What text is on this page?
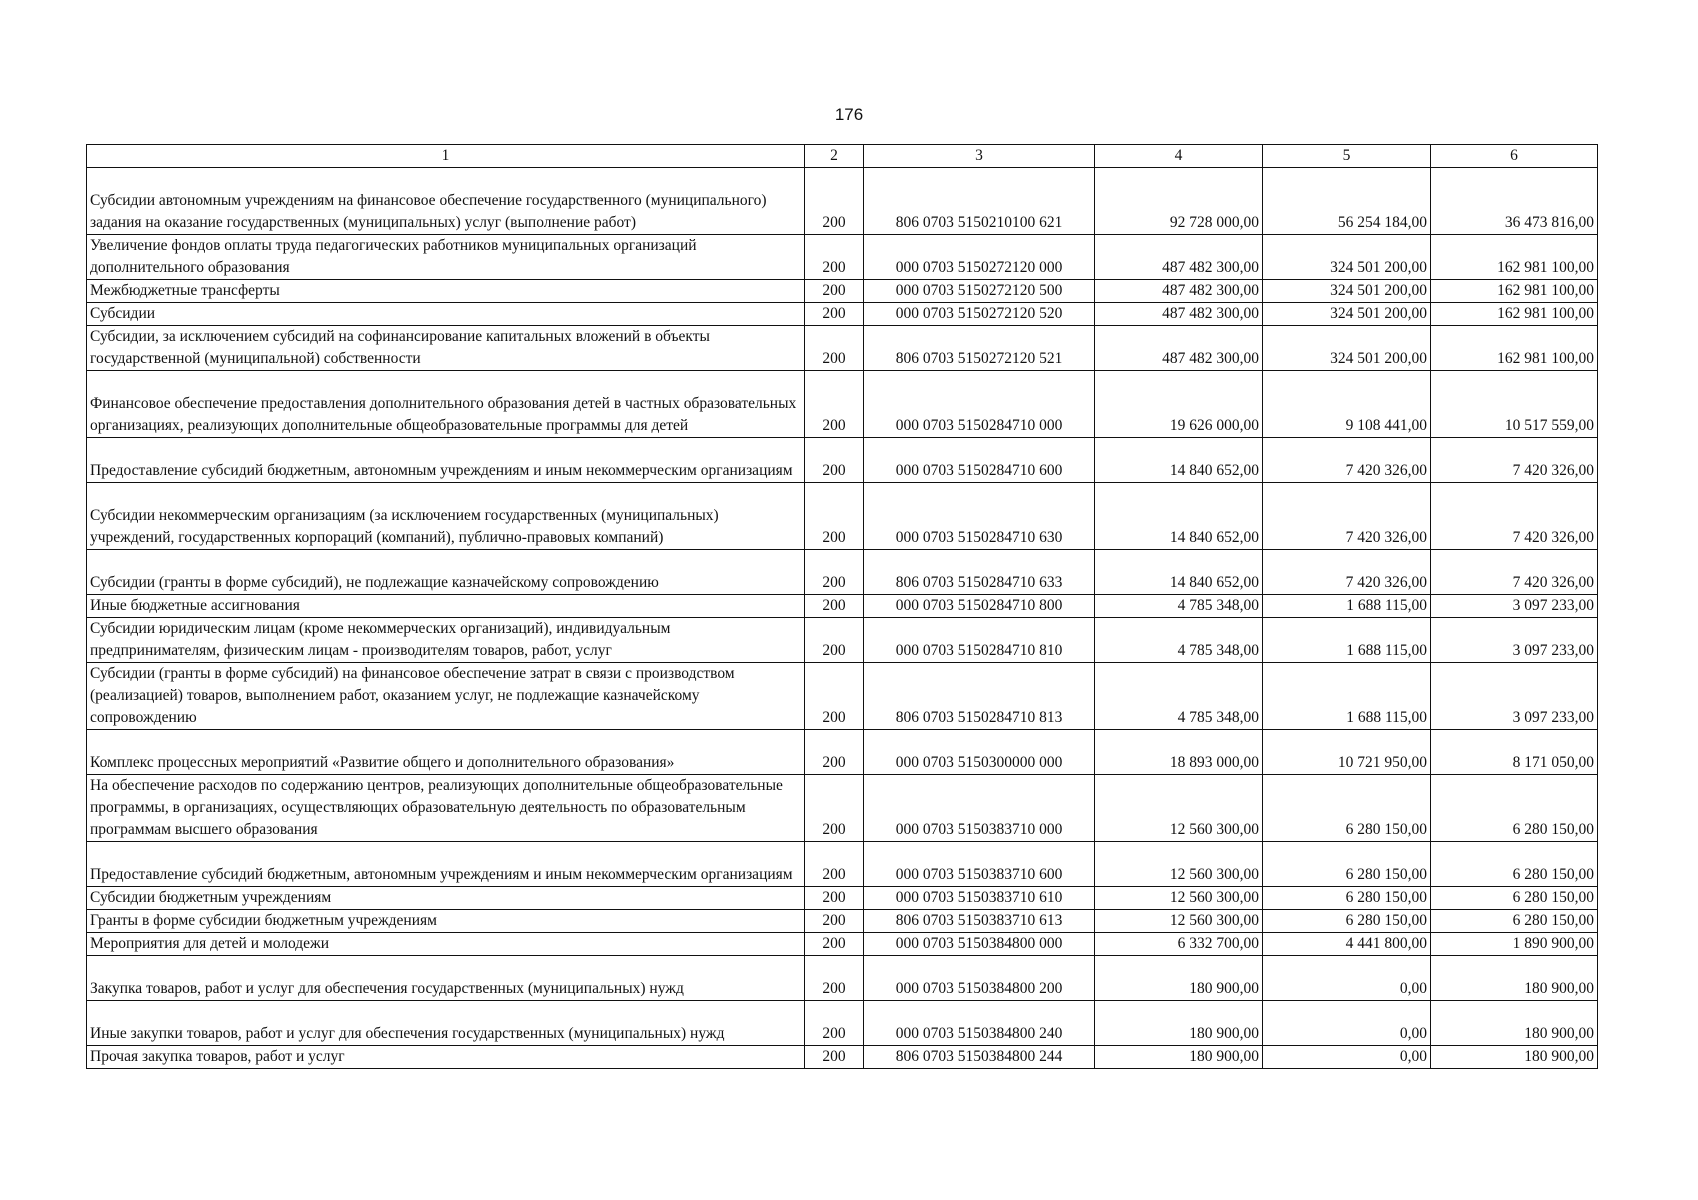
176
1	2	3	4	5	6
Субсидии автономным учреждениям на финансовое обеспечение государственного (муниципального) задания на оказание государственных (муниципальных) услуг (выполнение работ)	200	806 0703 5150210100 621	92 728 000,00	56 254 184,00	36 473 816,00
Увеличение фондов оплаты труда педагогических работников муниципальных организаций дополнительного образования	200	000 0703 5150272120 000	487 482 300,00	324 501 200,00	162 981 100,00
Межбюджетные трансферты	200	000 0703 5150272120 500	487 482 300,00	324 501 200,00	162 981 100,00
Субсидии	200	000 0703 5150272120 520	487 482 300,00	324 501 200,00	162 981 100,00
Субсидии, за исключением субсидий на софинансирование капитальных вложений в объекты государственной (муниципальной) собственности	200	806 0703 5150272120 521	487 482 300,00	324 501 200,00	162 981 100,00
Финансовое обеспечение предоставления дополнительного образования детей в частных образовательных организациях, реализующих дополнительные общеобразовательные программы для детей	200	000 0703 5150284710 000	19 626 000,00	9 108 441,00	10 517 559,00
Предоставление субсидий бюджетным, автономным учреждениям и иным некоммерческим организациям	200	000 0703 5150284710 600	14 840 652,00	7 420 326,00	7 420 326,00
Субсидии некоммерческим организациям (за исключением государственных (муниципальных) учреждений, государственных корпораций (компаний), публично-правовых компаний)	200	000 0703 5150284710 630	14 840 652,00	7 420 326,00	7 420 326,00
Субсидии (гранты в форме субсидий), не подлежащие казначейскому сопровождению	200	806 0703 5150284710 633	14 840 652,00	7 420 326,00	7 420 326,00
Иные бюджетные ассигнования	200	000 0703 5150284710 800	4 785 348,00	1 688 115,00	3 097 233,00
Субсидии юридическим лицам (кроме некоммерческих организаций), индивидуальным предпринимателям, физическим лицам - производителям товаров, работ, услуг	200	000 0703 5150284710 810	4 785 348,00	1 688 115,00	3 097 233,00
Субсидии (гранты в форме субсидий) на финансовое обеспечение затрат в связи с производством (реализацией) товаров, выполнением работ, оказанием услуг, не подлежащие казначейскому сопровождению	200	806 0703 5150284710 813	4 785 348,00	1 688 115,00	3 097 233,00
Комплекс процессных мероприятий «Развитие общего и дополнительного образования»	200	000 0703 5150300000 000	18 893 000,00	10 721 950,00	8 171 050,00
На обеспечение расходов по содержанию центров, реализующих дополнительные общеобразовательные программы, в организациях, осуществляющих образовательную деятельность по образовательным программам высшего образования	200	000 0703 5150383710 000	12 560 300,00	6 280 150,00	6 280 150,00
Предоставление субсидий бюджетным, автономным учреждениям и иным некоммерческим организациям	200	000 0703 5150383710 600	12 560 300,00	6 280 150,00	6 280 150,00
Субсидии бюджетным учреждениям	200	000 0703 5150383710 610	12 560 300,00	6 280 150,00	6 280 150,00
Гранты в форме субсидии бюджетным учреждениям	200	806 0703 5150383710 613	12 560 300,00	6 280 150,00	6 280 150,00
Мероприятия для детей и молодежи	200	000 0703 5150384800 000	6 332 700,00	4 441 800,00	1 890 900,00
Закупка товаров, работ и услуг для обеспечения государственных (муниципальных) нужд	200	000 0703 5150384800 200	180 900,00	0,00	180 900,00
Иные закупки товаров, работ и услуг для обеспечения государственных (муниципальных) нужд	200	000 0703 5150384800 240	180 900,00	0,00	180 900,00
Прочая закупка товаров, работ и услуг	200	806 0703 5150384800 244	180 900,00	0,00	180 900,00
